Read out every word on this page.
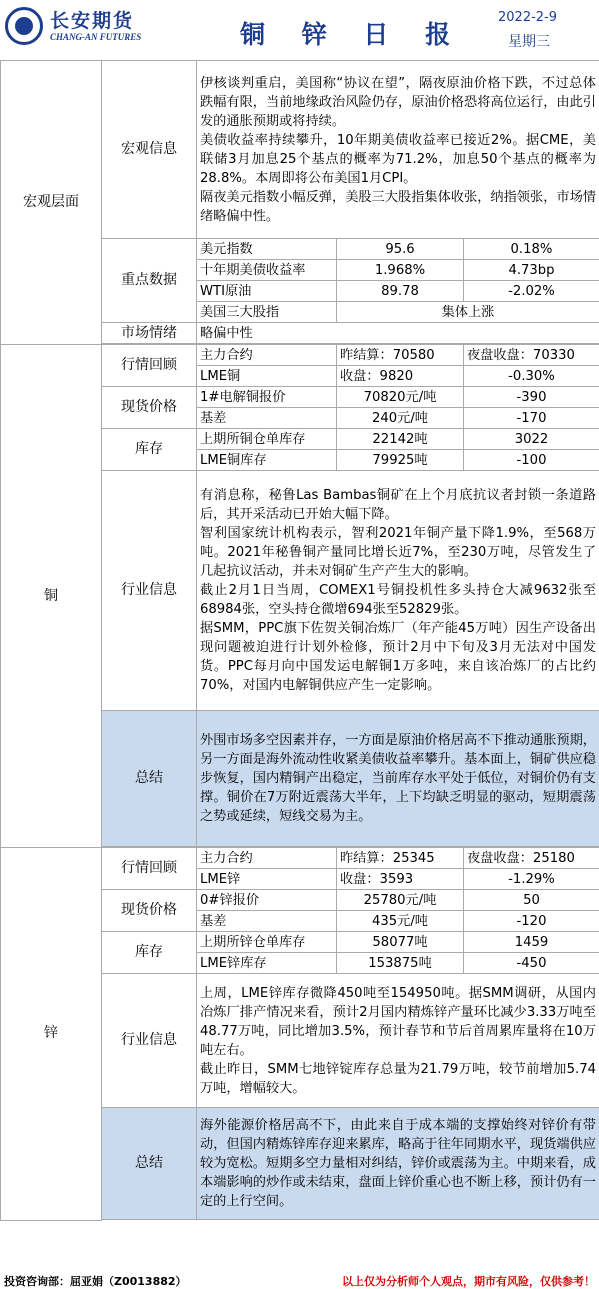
长安期货
CHANG-AN FUTURES	铜 锌 日 报
2022-2-9
星期三
宏观层面	宏观信息	伊核谈判重启，美国称“协议在望”，隔夜原油价格下跌，不过总体跌幅有限，当前地缘政治风险仍存，原油价格恐将高位运行，由此引发的通胀预期或将持续。
美债收益率持续攀升，10年期美债收益率已接近2%。据CME，美联储3月加息25个基点的概率为71.2%，加息50个基点的概率为28.8%。本周即将公布美国1月CPI。
隔夜美元指数小幅反弹，美股三大股指集体收张，纳指领张，市场情绪略偏中性。		

	重点数据	美元指数	95.6	0.18%
		十年期美债收益率	1.968%	4.73bp
		WTI原油	89.78	-2.02%
		美国三大股指	集体上涨	
	市场情绪	略偏中性		

铜	行情回顾	主力合约	昨结算：70580	夜盘收盘：70330
		LME铜	收盘：9820	-0.30%
	现货价格	1#电解铜报价	70820元/吨	-390
		基差	240元/吨	-170
	库存	上期所铜仓单库存	22142吨	3022
		LME铜库存	79925吨	-100
	行业信息	有消息称，秘鲁Las Bambas铜矿在上个月底抗议者封锁一条道路后，其开采活动已开始大幅下降。
智利国家统计机构表示，智利2021年铜产量下降1.9%，至568万吨。2021年秘鲁铜产量同比增长近7%，至230万吨，尽管发生了几起抗议活动，并未对铜矿生产产生大的影响。
截止2月1日当周，COMEX1号铜投机性多头持仓大减9632张至68984张，空头持仓微增694张至52829张。
据SMM，PPC旗下佐贺关铜冶炼厂（年产能45万吨）因生产设备出现问题被迫进行计划外检修，预计2月中下旬及3月无法对中国发货。PPC每月向中国发运电解铜1万多吨，来自该冶炼厂的占比约70%，对国内电解铜供应产生一定影响。		

	总结	外围市场多空因素并存，一方面是原油价格居高不下推动通胀预期，另一方面是海外流动性收紧美债收益率攀升。基本面上，铜矿供应稳步恢复，国内精铜产出稳定，当前库存水平处于低位，对铜价仍有支撑。铜价在7万附近震荡大半年，上下均缺乏明显的驱动，短期震荡之势或延续，短线交易为主。		

锌	行情回顾	主力合约	昨结算：25345	夜盘收盘：25180
		LME锌	收盘：3593	-1.29%
	现货价格	0#锌报价	25780元/吨	50
		基差	435元/吨	-120
	库存	上期所锌仓单库存	58077吨	1459
		LME锌库存	153875吨	-450
	行业信息	上周，LME锌库存微降450吨至154950吨。据SMM调研，从国内冶炼厂排产情况来看，预计2月国内精炼锌产量环比减少3.33万吨至48.77万吨，同比增加3.5%，预计春节和节后首周累库量将在10万吨左右。
截止昨日，SMM七地锌锭库存总量为21.79万吨，较节前增加5.74万吨，增幅较大。		

	总结	海外能源价格居高不下，由此来自于成本端的支撑始终对锌价有带动，但国内精炼锌库存迎来累库，略高于往年同期水平，现货端供应较为宽松。短期多空力量相对纠结，锌价或震荡为主。中期来看，成本端影响的炒作或未结束，盘面上锌价重心也不断上移，预计仍有一定的上行空间。		

投资咨询部：屈亚娟（Z0013882）	以上仅为分析师个人观点，期市有风险，仅供参考！
